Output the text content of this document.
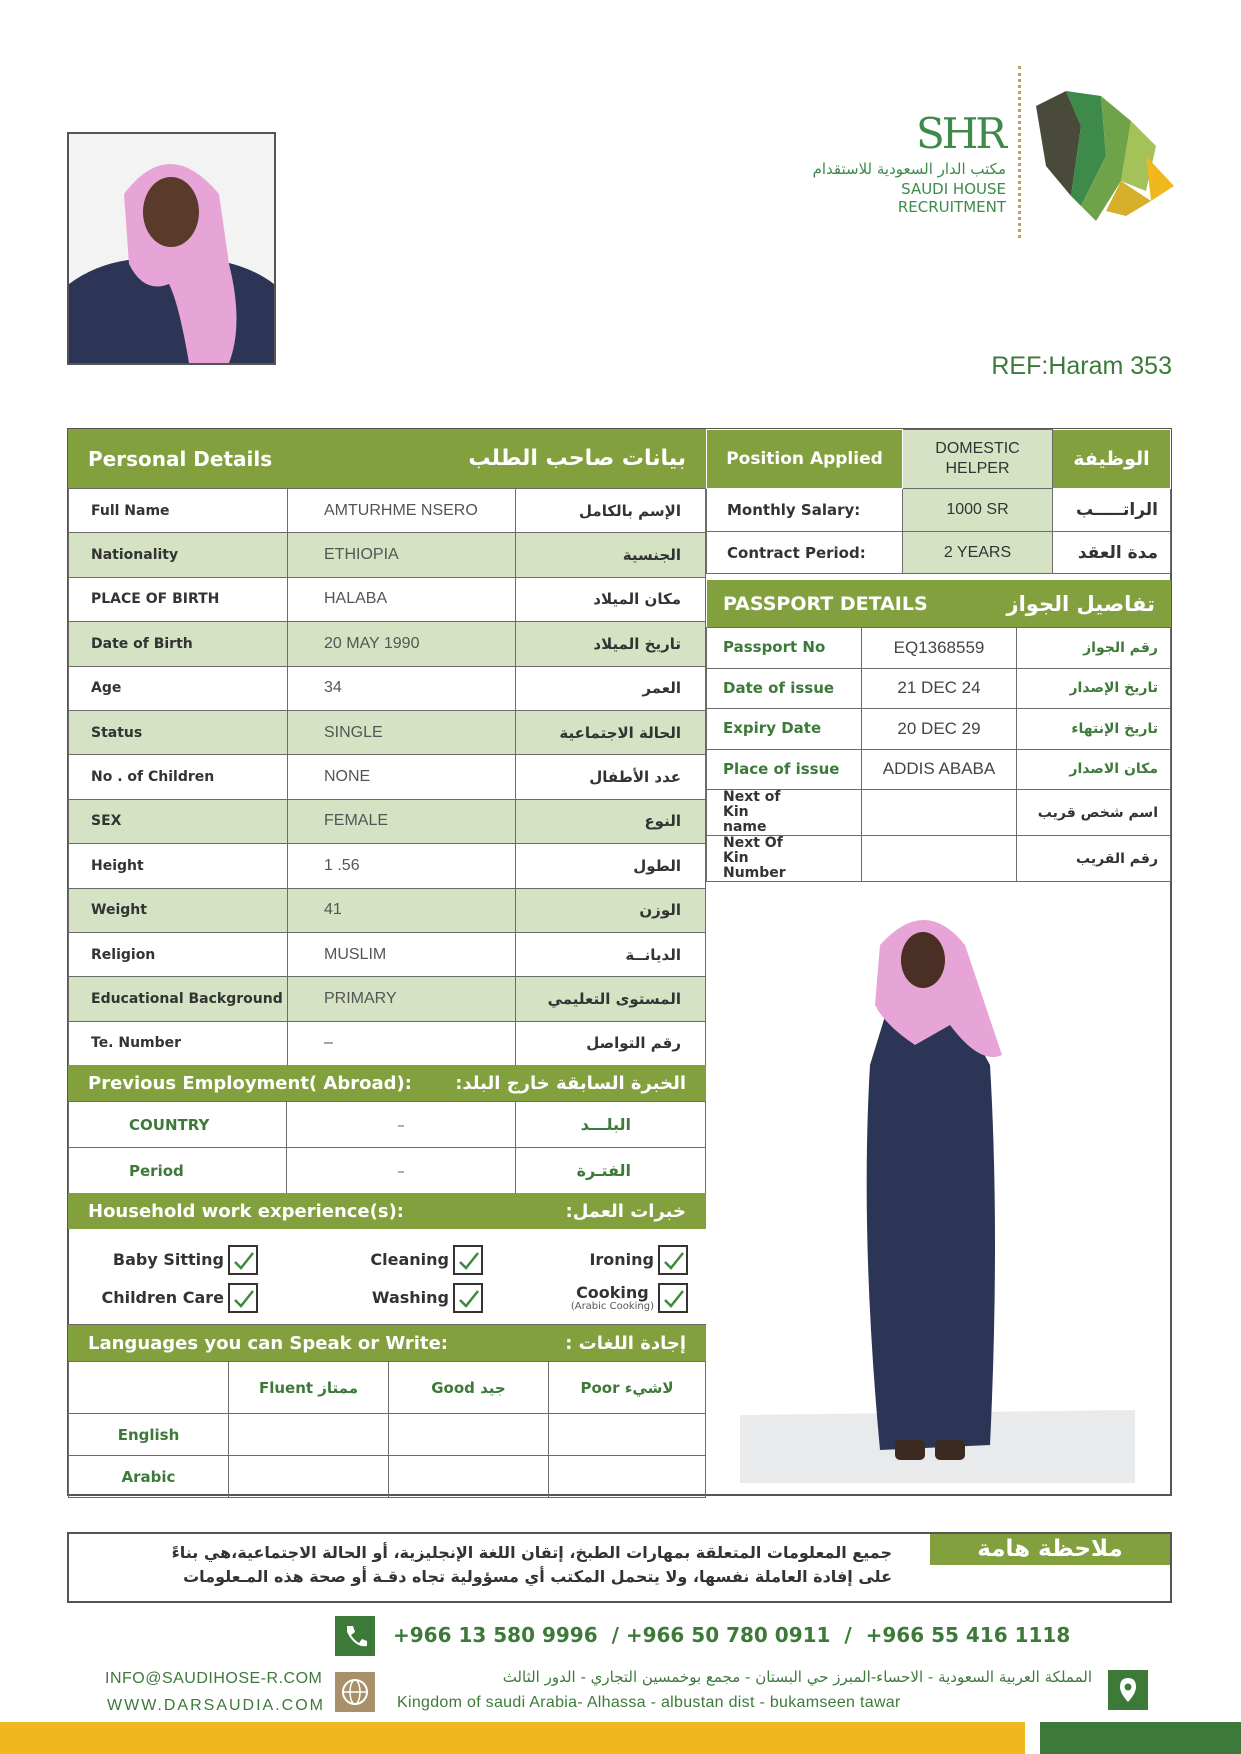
SHR
مكتب الدار السعودية للاستقدام
SAUDI HOUSE RECRUITMENT
REF:Haram 353
Personal Details	بيانات صاحب الطلب
Full Name	AMTURHME NSERO	الإسم بالكامل
Nationality	ETHIOPIA	الجنسية
PLACE OF BIRTH	HALABA	مكان الميلاد
Date of Birth	20 MAY 1990	تاريخ الميلاد
Age	34	العمر
Status	SINGLE	الحالة الاجتماعية
No . of Children	NONE	عدد الأطفال
SEX	FEMALE	النوع
Height	1 .56	الطول
Weight	41	الوزن
Religion	MUSLIM	الديانــة
Educational Background	PRIMARY	المستوى التعليمي
Te. Number	–	رقم التواصل
Previous Employment( Abroad): الخبرة السابقة خارج البلد:
COUNTRY	–	البلـــد
Period	–	الفتـرة
Household work experience(s):	خبرات العمل:
Baby Sitting	Cleaning	Ironing
Children Care	Washing	Cooking
(Arabic Cooking)
Languages you can Speak or Write:	إجادة اللغات :
	Fluent ممتاز	Good جيد	Poor لاشيء
English			
Arabic			
Position Applied	DOMESTIC HELPER	الوظيفة
Monthly Salary:	1000 SR	الراتـــــب
Contract Period:	2 YEARS	مدة العقد
PASSPORT DETAILS	تفاصيل الجواز
Passport No	EQ1368559	رقم الجواز
Date of issue	21 DEC 24	تاريخ الإصدار
Expiry Date	20 DEC 29	تاريخ الإنتهاء
Place of issue	ADDIS ABABA	مكان الاصدار
Next of Kin name		اسم شخص قريب
Next Of Kin Number		رقم القريب
ملاحظة هامة
جميع المعلومات المتعلقة بمهارات الطبخ، إتقان اللغة الإنجليزية، أو الحالة الاجتماعية،هي بناءً
على إفادة العاملة نفسها، ولا يتحمل المكتب أي مسؤولية تجاه دقـة أو صحة هذه المـعلومات
+966 13 580 9996  / +966 50 780 0911  /  +966 55 416 1118
INFO@SAUDIHOSE-R.COM
WWW.DARSAUDIA.COM
المملكة العربية السعودية - الاحساء-المبرز حي البستان - مجمع بوخمسين التجاري - الدور الثالث
Kingdom of saudi Arabia- Alhassa - albustan dist - bukamseen tawar
